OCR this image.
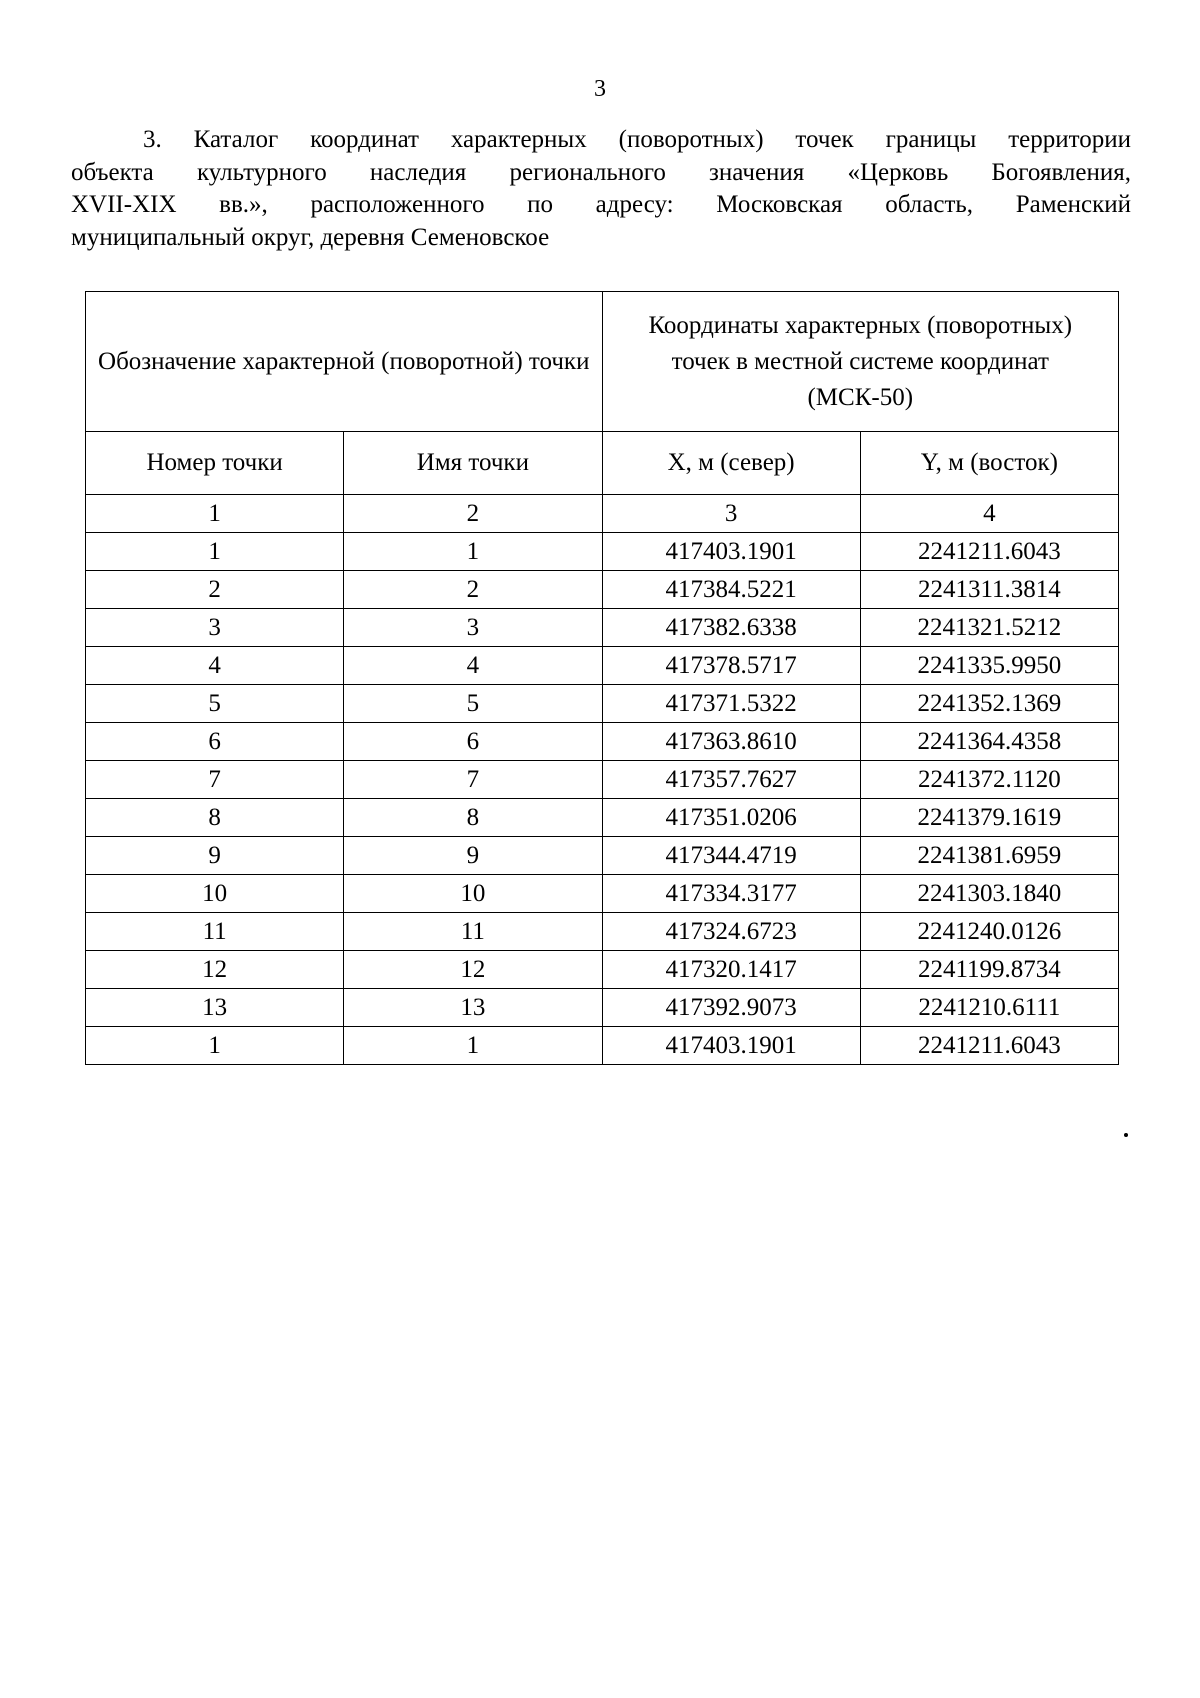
3

3. Каталог координат характерных (поворотных) точек границы территории
объекта культурного наследия регионального значения «Церковь Богоявления,
XVII-XIX вв.», расположенного по адресу: Московская область, Раменский
муниципальный округ, деревня Семеновское

Обозначение характерной (поворотной) точки		Координаты характерных (поворотных)
точек в местной системе координат
(МСК-50)	

Номер точки	Имя точки	X, м (север)	Y, м (восток)
1	2	3	4
1	1	417403.1901	2241211.6043
2	2	417384.5221	2241311.3814
3	3	417382.6338	2241321.5212
4	4	417378.5717	2241335.9950
5	5	417371.5322	2241352.1369
6	6	417363.8610	2241364.4358
7	7	417357.7627	2241372.1120
8	8	417351.0206	2241379.1619
9	9	417344.4719	2241381.6959
10	10	417334.3177	2241303.1840
11	11	417324.6723	2241240.0126
12	12	417320.1417	2241199.8734
13	13	417392.9073	2241210.6111
1	1	417403.1901	2241211.6043
